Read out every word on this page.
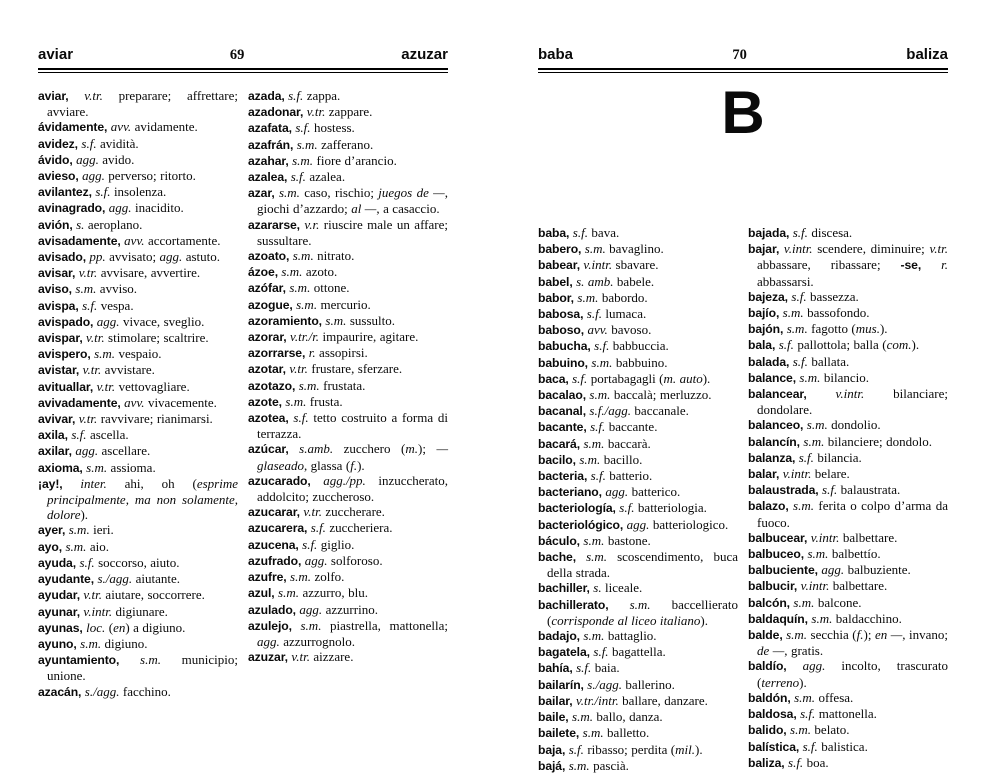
aviar	69	azuzar
aviar, v.tr. preparare; affrettare; avviare.
ávidamente, avv. avidamente.
avidez, s.f. avidità.
ávido, agg. avido.
avieso, agg. perverso; ritorto.
avilantez, s.f. insolenza.
avinagrado, agg. inacidito.
avión, s. aeroplano.
avisadamente, avv. accortamente.
avisado, pp. avvisato; agg. astuto.
avisar, v.tr. avvisare, avvertire.
aviso, s.m. avviso.
avispa, s.f. vespa.
avispado, agg. vivace, sveglio.
avispar, v.tr. stimolare; scaltrire.
avispero, s.m. vespaio.
avistar, v.tr. avvistare.
avituallar, v.tr. vettovagliare.
avivadamente, avv. vivacemente.
avivar, v.tr. ravvivare; rianimarsi.
axila, s.f. ascella.
axilar, agg. ascellare.
axioma, s.m. assioma.
¡ay!, inter. ahi, oh (esprime principalmente, ma non solamente, dolore).
ayer, s.m. ieri.
ayo, s.m. aio.
ayuda, s.f. soccorso, aiuto.
ayudante, s./agg. aiutante.
ayudar, v.tr. aiutare, soccorrere.
ayunar, v.intr. digiunare.
ayunas, loc. (en) a digiuno.
ayuno, s.m. digiuno.
ayuntamiento, s.m. municipio; unione.
azacán, s./agg. facchino.
azada, s.f. zappa.
azadonar, v.tr. zappare.
azafata, s.f. hostess.
azafrán, s.m. zafferano.
azahar, s.m. fiore d’arancio.
azalea, s.f. azalea.
azar, s.m. caso, rischio; juegos de —, giochi d’azzardo; al —, a casaccio.
azararse, v.r. riuscire male un affare; sussultare.
azoato, s.m. nitrato.
ázoe, s.m. azoto.
azófar, s.m. ottone.
azogue, s.m. mercurio.
azoramiento, s.m. sussulto.
azorar, v.tr./r. impaurire, agitare.
azorrarse, r. assopirsi.
azotar, v.tr. frustare, sferzare.
azotazo, s.m. frustata.
azote, s.m. frusta.
azotea, s.f. tetto costruito a forma di terrazza.
azúcar, s.amb. zucchero (m.); — glaseado, glassa (f.).
azucarado, agg./pp. inzuccherato, addolcito; zuccheroso.
azucarar, v.tr. zuccherare.
azucarera, s.f. zuccheriera.
azucena, s.f. giglio.
azufrado, agg. solforoso.
azufre, s.m. zolfo.
azul, s.m. azzurro, blu.
azulado, agg. azzurrino.
azulejo, s.m. piastrella, mattonella; agg. azzurrognolo.
azuzar, v.tr. aizzare.
baba	70	baliza
B
baba, s.f. bava.
babero, s.m. bavaglino.
babear, v.intr. sbavare.
babel, s. amb. babele.
babor, s.m. babordo.
babosa, s.f. lumaca.
baboso, avv. bavoso.
babucha, s.f. babbuccia.
babuino, s.m. babbuino.
baca, s.f. portabagagli (m. auto).
bacalao, s.m. baccalà; merluzzo.
bacanal, s.f./agg. baccanale.
bacante, s.f. baccante.
bacará, s.m. baccarà.
bacilo, s.m. bacillo.
bacteria, s.f. batterio.
bacteriano, agg. batterico.
bacteriología, s.f. batteriologia.
bacteriológico, agg. batteriologico.
báculo, s.m. bastone.
bache, s.m. scoscendimento, buca della strada.
bachiller, s. liceale.
bachillerato, s.m. baccellierato (corrisponde al liceo italiano).
badajo, s.m. battaglio.
bagatela, s.f. bagattella.
bahía, s.f. baia.
bailarín, s./agg. ballerino.
bailar, v.tr./intr. ballare, danzare.
baile, s.m. ballo, danza.
bailete, s.m. balletto.
baja, s.f. ribasso; perdita (mil.).
bajá, s.m. pascià.
bajada, s.f. discesa.
bajar, v.intr. scendere, diminuire; v.tr. abbassare, ribassare; -se, r. abbassarsi.
bajeza, s.f. bassezza.
bajío, s.m. bassofondo.
bajón, s.m. fagotto (mus.).
bala, s.f. pallottola; balla (com.).
balada, s.f. ballata.
balance, s.m. bilancio.
balancear, v.intr. bilanciare; dondolare.
balanceo, s.m. dondolio.
balancín, s.m. bilanciere; dondolo.
balanza, s.f. bilancia.
balar, v.intr. belare.
balaustrada, s.f. balaustrata.
balazo, s.m. ferita o colpo d’arma da fuoco.
balbucear, v.intr. balbettare.
balbuceo, s.m. balbettío.
balbuciente, agg. balbuziente.
balbucir, v.intr. balbettare.
balcón, s.m. balcone.
baldaquín, s.m. baldacchino.
balde, s.m. secchia (f.); en —, invano; de —, gratis.
baldío, agg. incolto, trascurato (terreno).
baldón, s.m. offesa.
baldosa, s.f. mattonella.
balido, s.m. belato.
balística, s.f. balistica.
baliza, s.f. boa.
